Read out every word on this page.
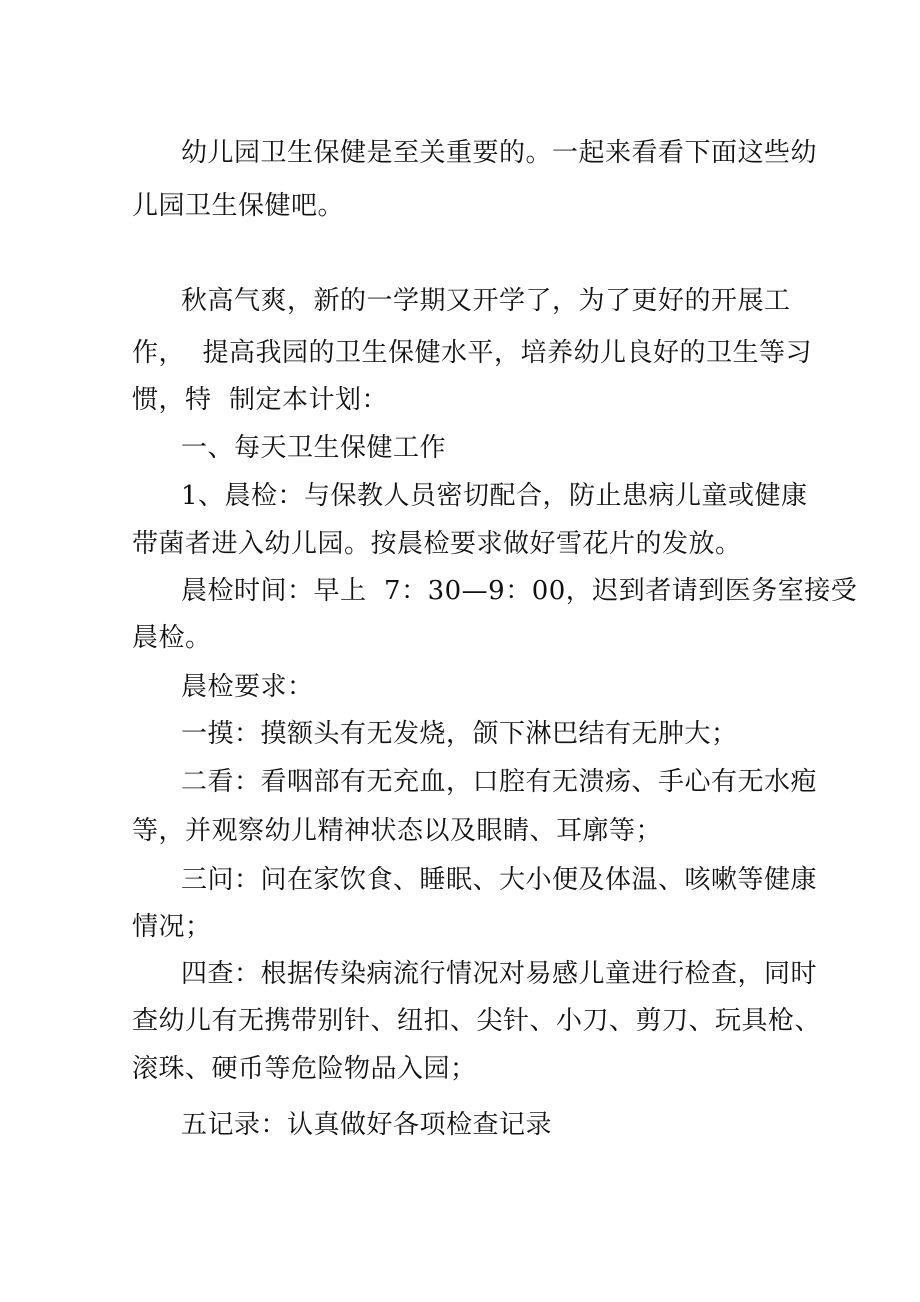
幼儿园卫生保健是至关重要的。一起来看看下面这些幼
儿园卫生保健吧。
秋高气爽，新的一学期又开学了，为了更好的开展工
作，  提高我园的卫生保健水平，培养幼儿良好的卫生等习
惯，特  制定本计划：
一、每天卫生保健工作
1、晨检：与保教人员密切配合，防止患病儿童或健康
带菌者进入幼儿园。按晨检要求做好雪花片的发放。
晨检时间：早上  7：30—9：00，迟到者请到医务室接受
晨检。
晨检要求：
一摸：摸额头有无发烧，颌下淋巴结有无肿大；
二看：看咽部有无充血，口腔有无溃疡、手心有无水疱
等，并观察幼儿精神状态以及眼睛、耳廓等；
三问：问在家饮食、睡眠、大小便及体温、咳嗽等健康
情况；
四查：根据传染病流行情况对易感儿童进行检查，同时
查幼儿有无携带别针、纽扣、尖针、小刀、剪刀、玩具枪、
滚珠、硬币等危险物品入园；
五记录：认真做好各项检查记录
